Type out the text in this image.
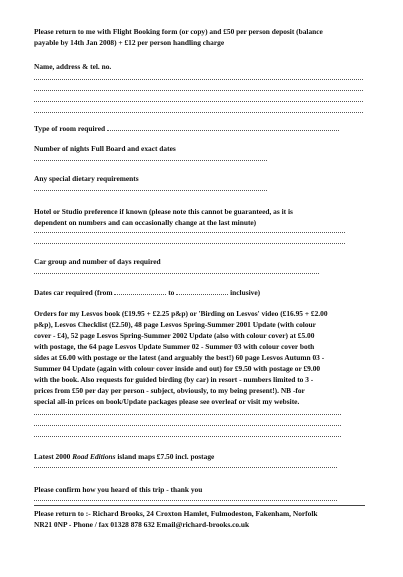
Please return to me with Flight Booking form (or copy) and £50 per person deposit (balance

payable by 14th Jan 2008) + £12 per person handling charge

Name, address & tel. no.

Type of room required

Number of nights Full Board and exact dates

Any special dietary requirements

Hotel or Studio preference if known (please note this cannot be guaranteed, as it is

dependent on numbers and can occasionally change at the last minute)

Car group and number of days required

Dates car required (from	to	inclusive)

Orders for my Lesvos book (£19.95 + £2.25 p&p) or 'Birding on Lesvos' video (£16.95 + £2.00

p&p), Lesvos Checklist (£2.50), 48 page Lesvos Spring-Summer 2001 Update (with colour

cover - £4), 52 page Lesvos Spring-Summer 2002 Update (also with colour cover) at £5.00

with postage, the 64 page Lesvos Update Summer 02 - Summer 03 with colour cover both

sides at £6.00 with postage or the latest (and arguably the best!) 60 page Lesvos Autumn 03 -

Summer 04 Update (again with colour cover inside and out) for £9.50 with postage or £9.00

with the book. Also requests for guided birding (by car) in resort - numbers limited to 3 -

prices from £50 per day per person - subject, obviously, to my being present!). NB -for

special all-in prices on book/Update packages please see overleaf or visit my website.

Latest 2000 Road Editions island maps £7.50 incl. postage

Please confirm how you heard of this trip - thank you

Please return to :- Richard Brooks, 24 Croxton Hamlet, Fulmodeston, Fakenham, Norfolk

NR21 0NP - Phone / fax 01328 878 632 Email@richard-brooks.co.uk
